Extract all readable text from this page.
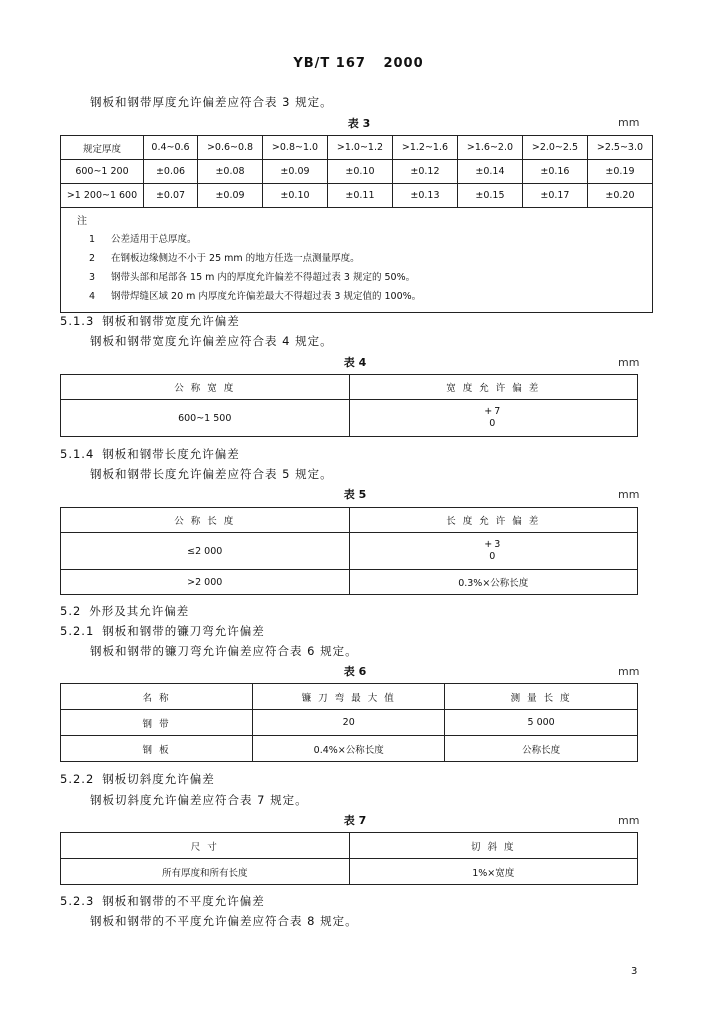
YB/T 167 2000
钢板和钢带厚度允许偏差应符合表 3 规定。
表 3	mm
规定厚度	0.4~0.6	>0.6~0.8	>0.8~1.0	>1.0~1.2	>1.2~1.6	>1.6~2.0	>2.0~2.5	>2.5~3.0
600~1 200	±0.06	±0.08	±0.09	±0.10	±0.12	±0.14	±0.16	±0.19
>1 200~1 600	±0.07	±0.09	±0.10	±0.11	±0.13	±0.15	±0.17	±0.20

注
1 公差适用于总厚度。
2 在钢板边缘侧边不小于 25 mm 的地方任选一点测量厚度。
3 钢带头部和尾部各 15 m 内的厚度允许偏差不得超过表 3 规定的 50%。
4 钢带焊缝区域 20 m 内厚度允许偏差最大不得超过表 3 规定值的 100%。								
5.1.3 钢板和钢带宽度允许偏差
钢板和钢带宽度允许偏差应符合表 4 规定。
表 4	mm
公 称 宽 度	宽 度 允 许 偏 差
600~1 500	+7
0
5.1.4 钢板和钢带长度允许偏差
钢板和钢带长度允许偏差应符合表 5 规定。
表 5	mm
公 称 长 度	长 度 允 许 偏 差
≤2 000	+3
0

>2 000	0.3%×公称长度
5.2 外形及其允许偏差
5.2.1 钢板和钢带的镰刀弯允许偏差
钢板和钢带的镰刀弯允许偏差应符合表 6 规定。
表 6	mm
名 称	镰 刀 弯 最 大 值	测 量 长 度
钢 带	20	5 000
钢 板	0.4%×公称长度	公称长度
5.2.2 钢板切斜度允许偏差
钢板切斜度允许偏差应符合表 7 规定。
表 7	mm
尺 寸	切 斜 度
所有厚度和所有长度	1%×宽度
5.2.3 钢板和钢带的不平度允许偏差
钢板和钢带的不平度允许偏差应符合表 8 规定。
3
